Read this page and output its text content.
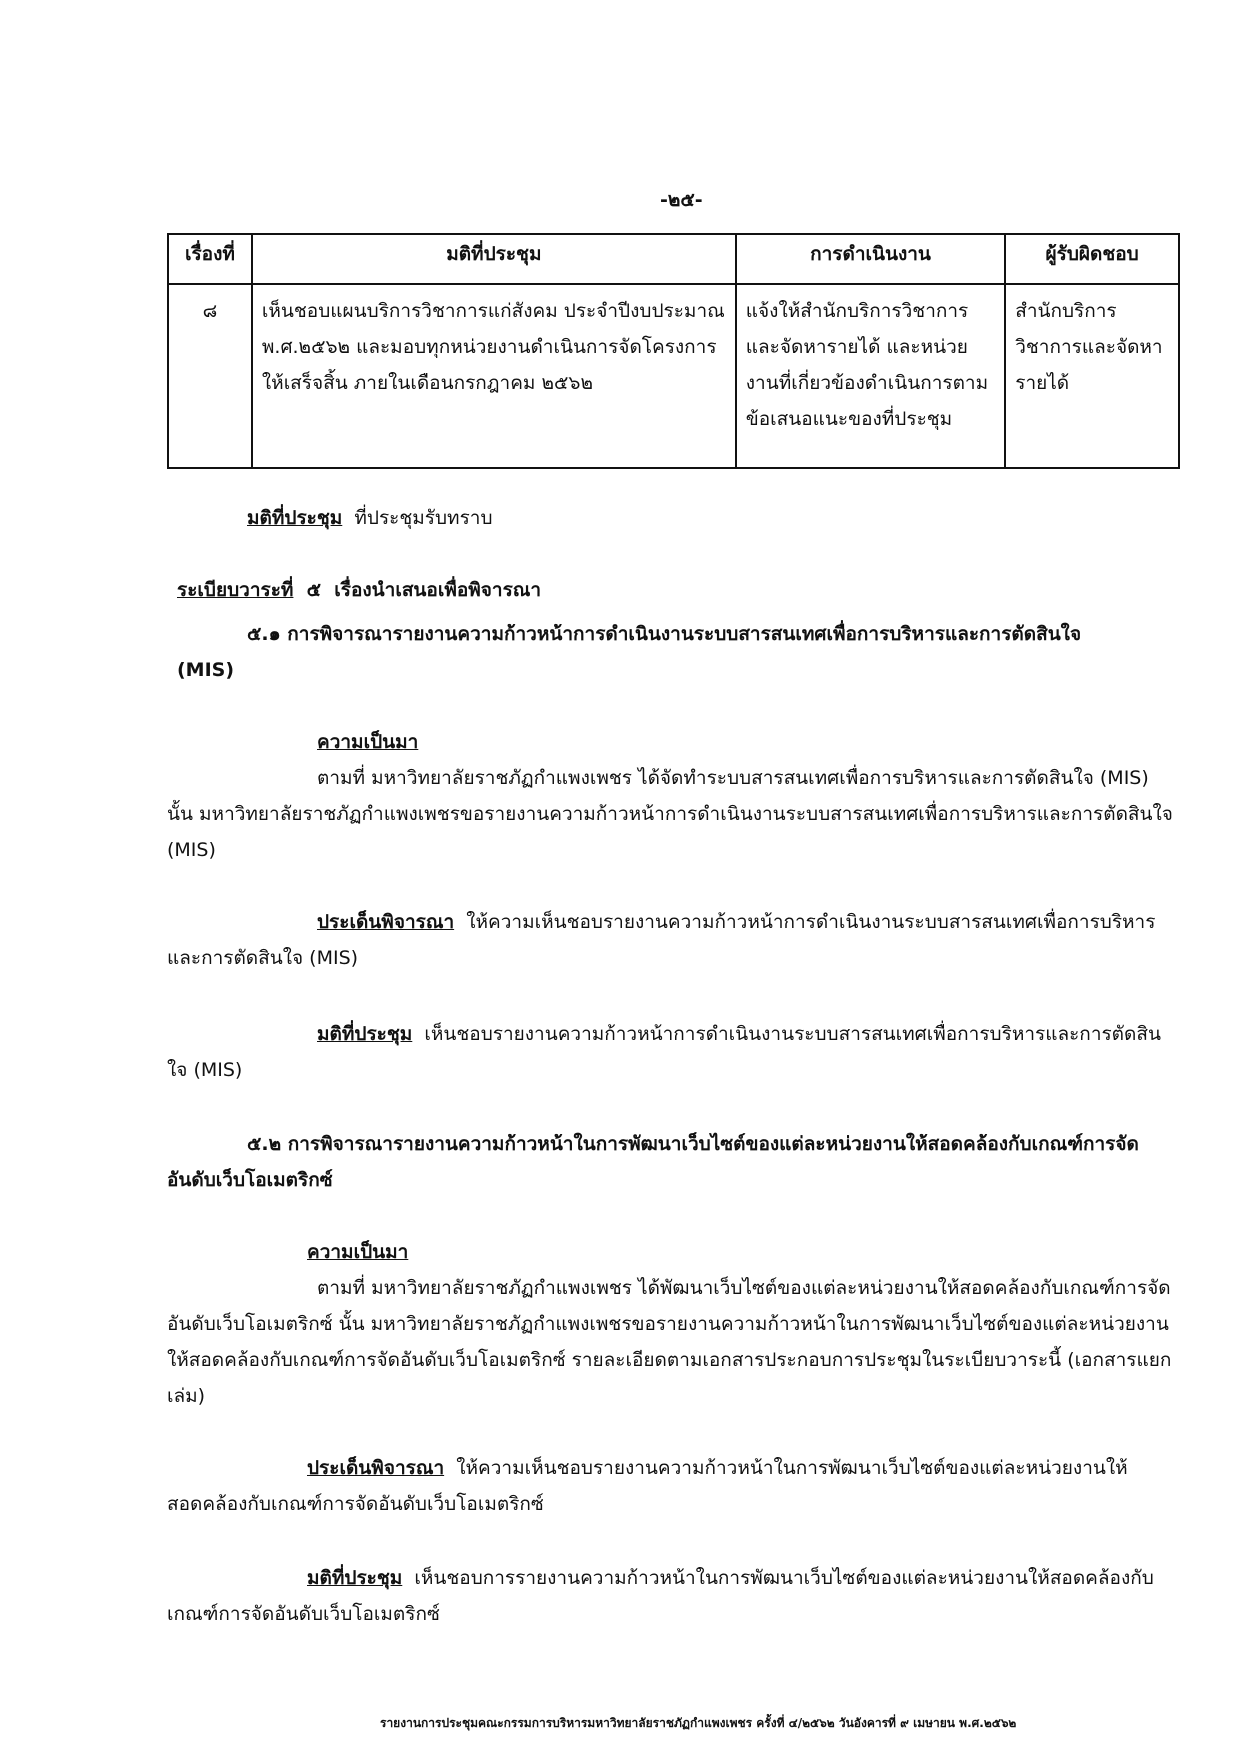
-๒๕-
เรื่องที่	มติที่ประชุม	การดำเนินงาน	ผู้รับผิดชอบ
๘	เห็นชอบแผนบริการวิชาการแก่สังคม ประจำปีงบประมาณ พ.ศ.๒๕๖๒ และมอบทุกหน่วยงานดำเนินการจัดโครงการให้เสร็จสิ้น ภายในเดือนกรกฎาคม ๒๕๖๒	แจ้งให้สำนักบริการวิชาการและจัดหารายได้ และหน่วยงานที่เกี่ยวข้องดำเนินการตามข้อเสนอแนะของที่ประชุม	สำนักบริการวิชาการและจัดหารายได้
มติที่ประชุม ที่ประชุมรับทราบ
ระเบียบวาระที่ ๕ เรื่องนำเสนอเพื่อพิจารณา
๕.๑ การพิจารณารายงานความก้าวหน้าการดำเนินงานระบบสารสนเทศเพื่อการบริหารและการตัดสินใจ
(MIS)
ความเป็นมา
ตามที่ มหาวิทยาลัยราชภัฏกำแพงเพชร ได้จัดทำระบบสารสนเทศเพื่อการบริหารและการตัดสินใจ (MIS) นั้น มหาวิทยาลัยราชภัฏกำแพงเพชรขอรายงานความก้าวหน้าการดำเนินงานระบบสารสนเทศเพื่อการบริหารและการตัดสินใจ (MIS)
ประเด็นพิจารณา ให้ความเห็นชอบรายงานความก้าวหน้าการดำเนินงานระบบสารสนเทศเพื่อการบริหารและการตัดสินใจ (MIS)
มติที่ประชุม เห็นชอบรายงานความก้าวหน้าการดำเนินงานระบบสารสนเทศเพื่อการบริหารและการตัดสินใจ (MIS)
๕.๒ การพิจารณารายงานความก้าวหน้าในการพัฒนาเว็บไซต์ของแต่ละหน่วยงานให้สอดคล้องกับเกณฑ์การจัดอันดับเว็บโอเมตริกซ์
ความเป็นมา
ตามที่ มหาวิทยาลัยราชภัฏกำแพงเพชร ได้พัฒนาเว็บไซต์ของแต่ละหน่วยงานให้สอดคล้องกับเกณฑ์การจัดอันดับเว็บโอเมตริกซ์ นั้น มหาวิทยาลัยราชภัฏกำแพงเพชรขอรายงานความก้าวหน้าในการพัฒนาเว็บไซต์ของแต่ละหน่วยงานให้สอดคล้องกับเกณฑ์การจัดอันดับเว็บโอเมตริกซ์ รายละเอียดตามเอกสารประกอบการประชุมในระเบียบวาระนี้ (เอกสารแยกเล่ม)
ประเด็นพิจารณา ให้ความเห็นชอบรายงานความก้าวหน้าในการพัฒนาเว็บไซต์ของแต่ละหน่วยงานให้สอดคล้องกับเกณฑ์การจัดอันดับเว็บโอเมตริกซ์
มติที่ประชุม เห็นชอบการรายงานความก้าวหน้าในการพัฒนาเว็บไซต์ของแต่ละหน่วยงานให้สอดคล้องกับเกณฑ์การจัดอันดับเว็บโอเมตริกซ์
รายงานการประชุมคณะกรรมการบริหารมหาวิทยาลัยราชภัฏกำแพงเพชร ครั้งที่ ๔/๒๕๖๒ วันอังคารที่ ๙ เมษายน พ.ศ.๒๕๖๒
